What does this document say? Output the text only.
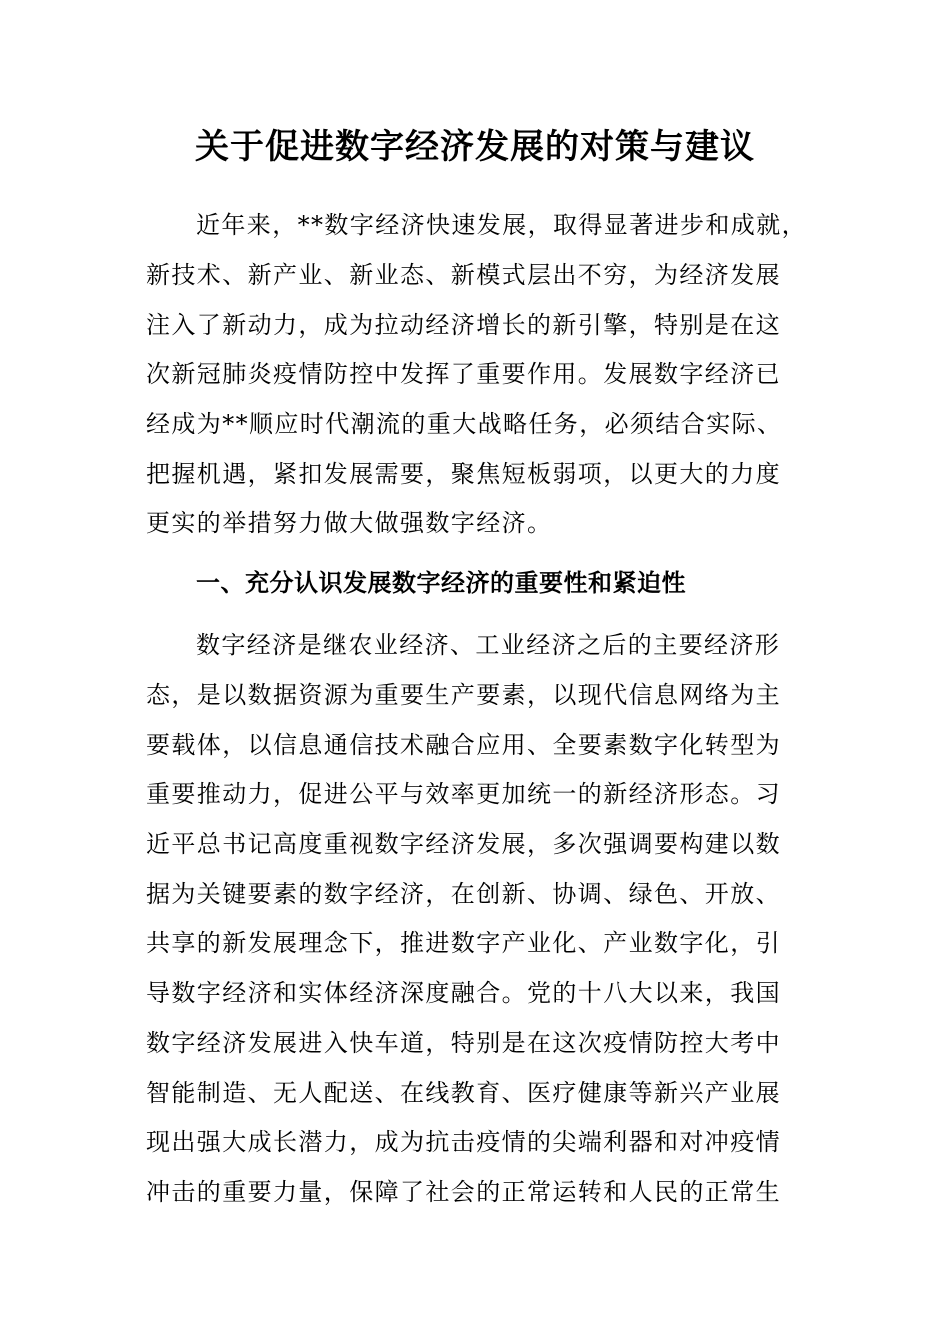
关于促进数字经济发展的对策与建议

近年来，**数字经济快速发展，取得显著进步和成就，

新技术、新产业、新业态、新模式层出不穷，为经济发展

注入了新动力，成为拉动经济增长的新引擎，特别是在这

次新冠肺炎疫情防控中发挥了重要作用。发展数字经济已

经成为**顺应时代潮流的重大战略任务，必须结合实际、

把握机遇，紧扣发展需要，聚焦短板弱项，以更大的力度

更实的举措努力做大做强数字经济。

一、充分认识发展数字经济的重要性和紧迫性

数字经济是继农业经济、工业经济之后的主要经济形

态，是以数据资源为重要生产要素，以现代信息网络为主

要载体，以信息通信技术融合应用、全要素数字化转型为

重要推动力，促进公平与效率更加统一的新经济形态。习

近平总书记高度重视数字经济发展，多次强调要构建以数

据为关键要素的数字经济，在创新、协调、绿色、开放、

共享的新发展理念下，推进数字产业化、产业数字化，引

导数字经济和实体经济深度融合。党的十八大以来，我国

数字经济发展进入快车道，特别是在这次疫情防控大考中

智能制造、无人配送、在线教育、医疗健康等新兴产业展

现出强大成长潜力，成为抗击疫情的尖端利器和对冲疫情

冲击的重要力量，保障了社会的正常运转和人民的正常生
